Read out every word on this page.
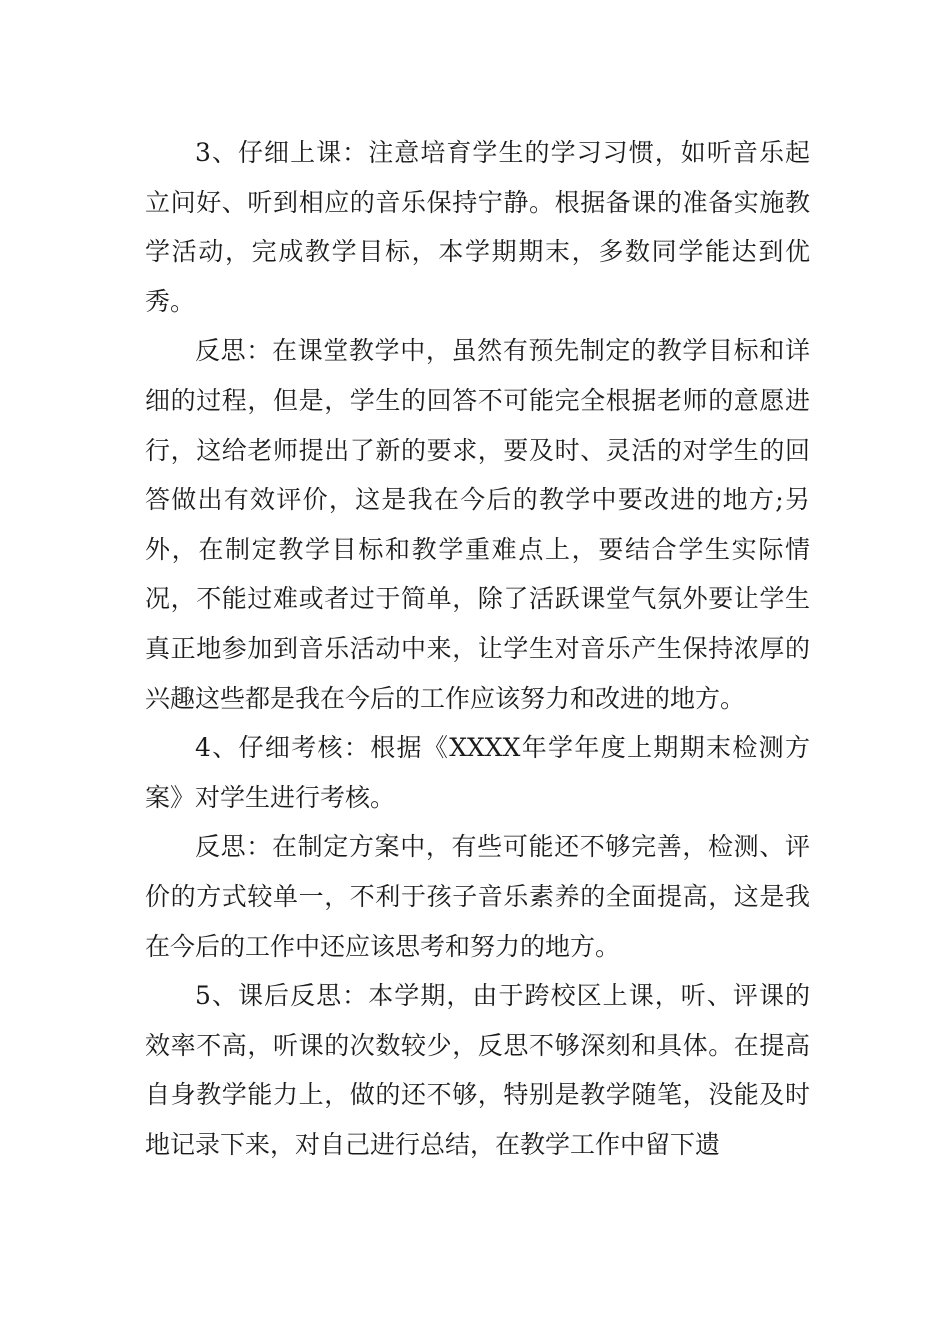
3、仔细上课：注意培育学生的学习习惯，如听音乐起立问好、听到相应的音乐保持宁静。根据备课的准备实施教学活动，完成教学目标，本学期期末，多数同学能达到优秀。

反思：在课堂教学中，虽然有预先制定的教学目标和详细的过程，但是，学生的回答不可能完全根据老师的意愿进行，这给老师提出了新的要求，要及时、灵活的对学生的回答做出有效评价，这是我在今后的教学中要改进的地方;另外，在制定教学目标和教学重难点上，要结合学生实际情况，不能过难或者过于简单，除了活跃课堂气氛外要让学生真正地参加到音乐活动中来，让学生对音乐产生保持浓厚的兴趣这些都是我在今后的工作应该努力和改进的地方。

4、仔细考核：根据《XXXX年学年度上期期末检测方案》对学生进行考核。

反思：在制定方案中，有些可能还不够完善，检测、评价的方式较单一，不利于孩子音乐素养的全面提高，这是我在今后的工作中还应该思考和努力的地方。

5、课后反思：本学期，由于跨校区上课，听、评课的效率不高，听课的次数较少，反思不够深刻和具体。在提高自身教学能力上，做的还不够，特别是教学随笔，没能及时地记录下来，对自己进行总结，在教学工作中留下遗
